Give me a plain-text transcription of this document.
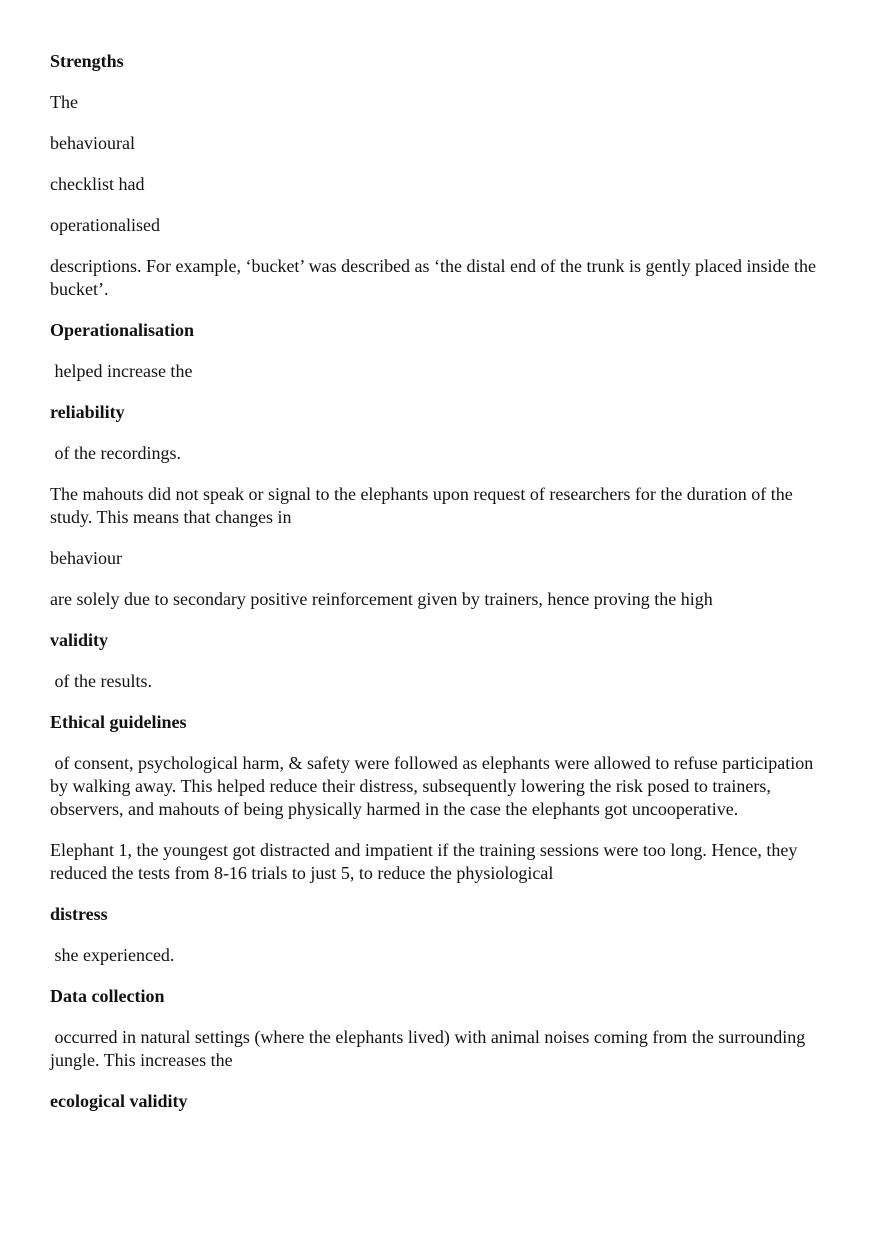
Strengths

The

behavioural

checklist had

operationalised

descriptions. For example, ‘bucket’ was described as ‘the distal end of the trunk is gently placed inside the bucket’.

Operationalisation

helped increase the

reliability

of the recordings.

The mahouts did not speak or signal to the elephants upon request of researchers for the duration of the study. This means that changes in

behaviour

are solely due to secondary positive reinforcement given by trainers, hence proving the high

validity

of the results.

Ethical guidelines

of consent, psychological harm, & safety were followed as elephants were allowed to refuse participation by walking away. This helped reduce their distress, subsequently lowering the risk posed to trainers, observers, and mahouts of being physically harmed in the case the elephants got uncooperative.

Elephant 1, the youngest got distracted and impatient if the training sessions were too long. Hence, they reduced the tests from 8-16 trials to just 5, to reduce the physiological

distress

she experienced.

Data collection

occurred in natural settings (where the elephants lived) with animal noises coming from the surrounding jungle. This increases the

ecological validity
